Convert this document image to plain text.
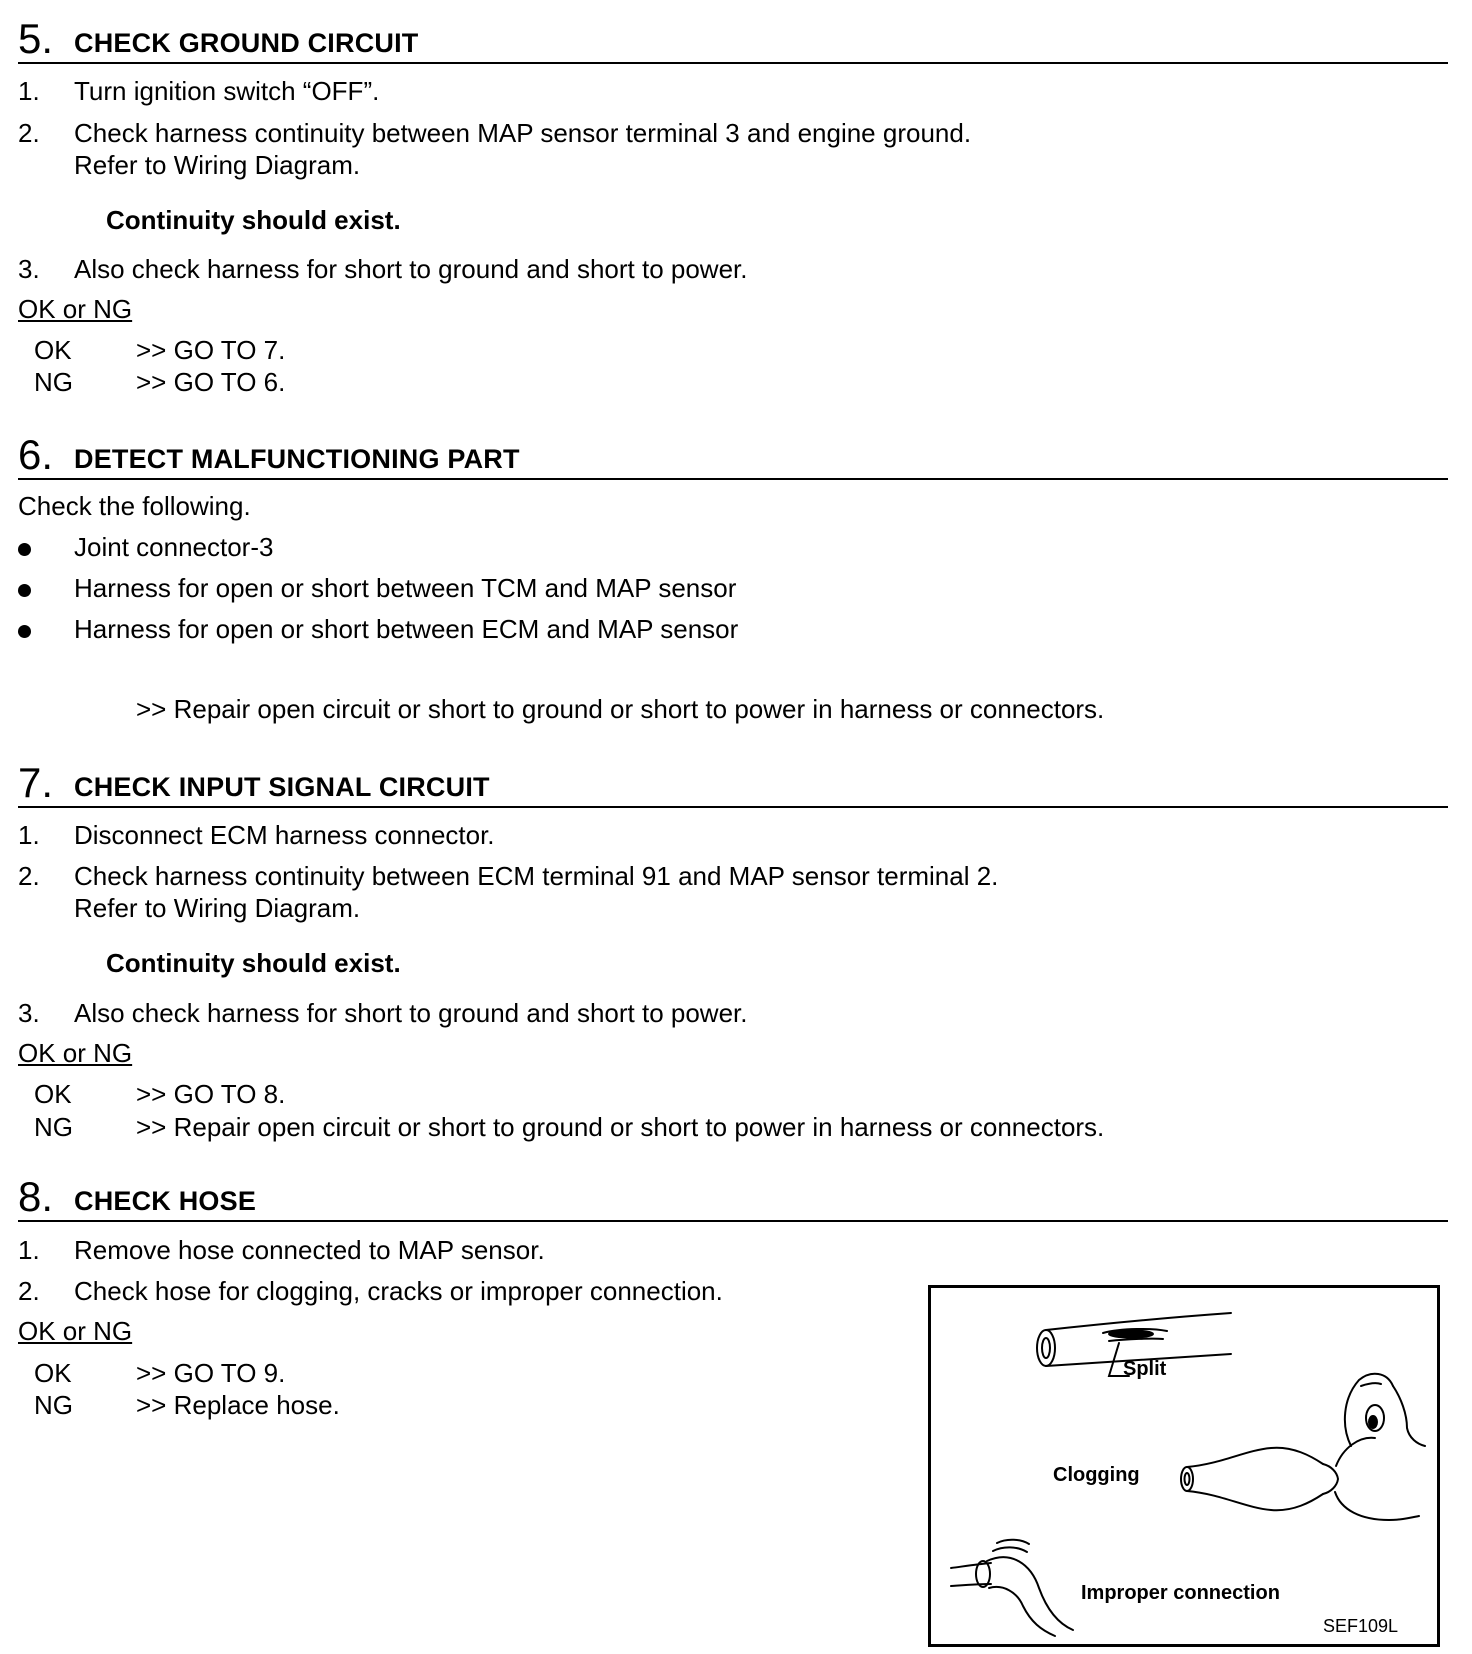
5. CHECK GROUND CIRCUIT
1. Turn ignition switch “OFF”.
2. Check harness continuity between MAP sensor terminal 3 and engine ground.
Refer to Wiring Diagram.
Continuity should exist.
3. Also check harness for short to ground and short to power.
OK or NG
OK >> GO TO 7.
NG >> GO TO 6.
6. DETECT MALFUNCTIONING PART
Check the following.
Joint connector-3
Harness for open or short between TCM and MAP sensor
Harness for open or short between ECM and MAP sensor
>> Repair open circuit or short to ground or short to power in harness or connectors.
7. CHECK INPUT SIGNAL CIRCUIT
1. Disconnect ECM harness connector.
2. Check harness continuity between ECM terminal 91 and MAP sensor terminal 2.
Refer to Wiring Diagram.
Continuity should exist.
3. Also check harness for short to ground and short to power.
OK or NG
OK >> GO TO 8.
NG >> Repair open circuit or short to ground or short to power in harness or connectors.
8. CHECK HOSE
1. Remove hose connected to MAP sensor.
2. Check hose for clogging, cracks or improper connection.
OK or NG
OK >> GO TO 9.
NG >> Replace hose.
Split
Clogging
Improper connection
SEF109L
